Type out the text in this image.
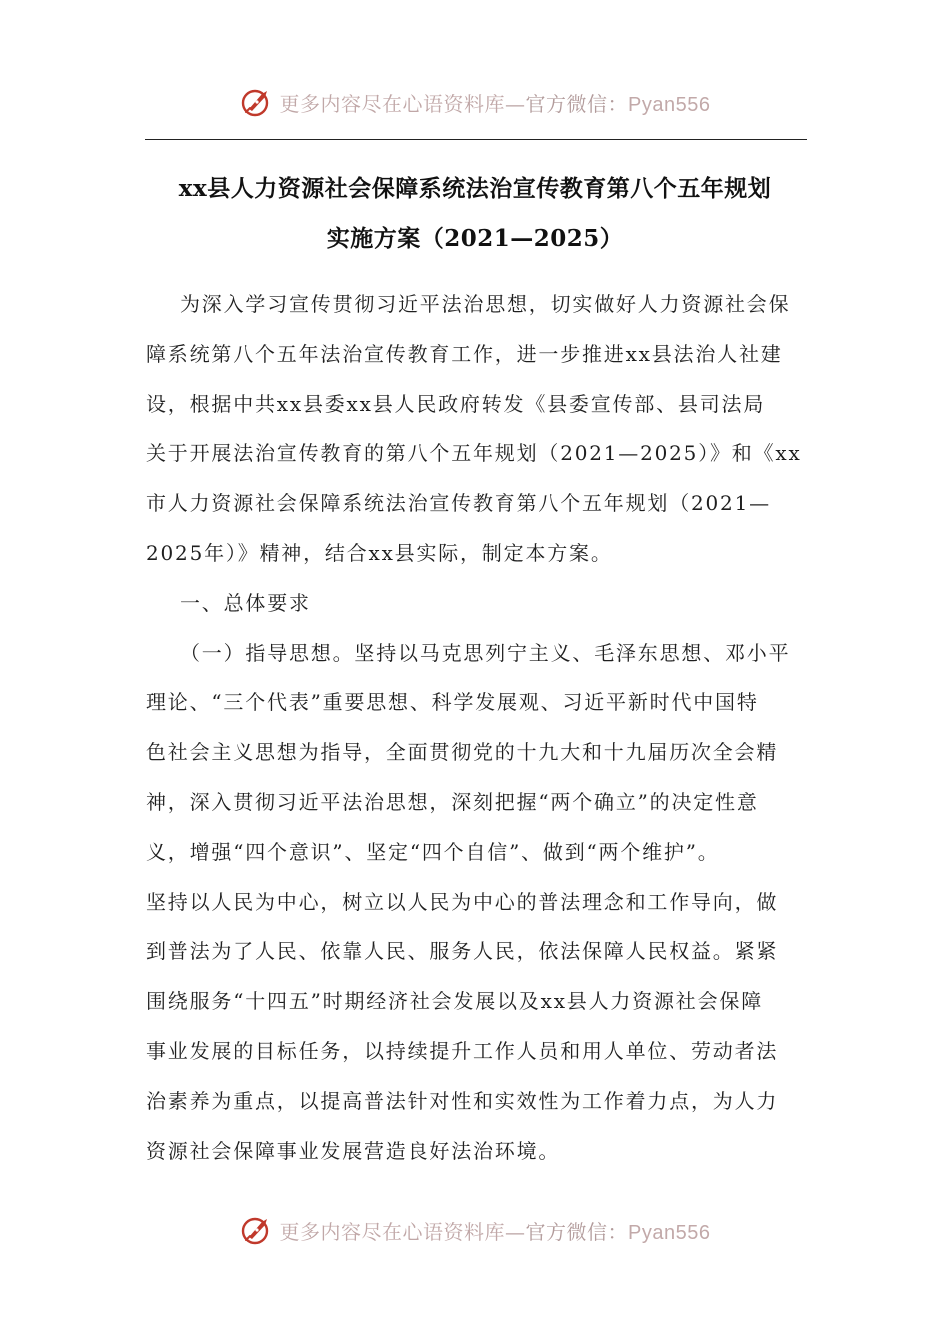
更多内容尽在心语资料库—官方微信：Pyan556
xx县人力资源社会保障系统法治宣传教育第八个五年规划
实施方案（2021—2025）
为深入学习宣传贯彻习近平法治思想，切实做好人力资源社会保
障系统第八个五年法治宣传教育工作，进一步推进xx县法治人社建
设，根据中共xx县委xx县人民政府转发《县委宣传部、县司法局
关于开展法治宣传教育的第八个五年规划（2021—2025）》和《xx
市人力资源社会保障系统法治宣传教育第八个五年规划（2021—
2025年）》精神，结合xx县实际，制定本方案。
一、总体要求
（一）指导思想。坚持以马克思列宁主义、毛泽东思想、邓小平
理论、“三个代表”重要思想、科学发展观、习近平新时代中国特
色社会主义思想为指导，全面贯彻党的十九大和十九届历次全会精
神，深入贯彻习近平法治思想，深刻把握“两个确立”的决定性意
义，增强“四个意识”、坚定“四个自信”、做到“两个维护”。
坚持以人民为中心，树立以人民为中心的普法理念和工作导向，做
到普法为了人民、依靠人民、服务人民，依法保障人民权益。紧紧
围绕服务“十四五”时期经济社会发展以及xx县人力资源社会保障
事业发展的目标任务，以持续提升工作人员和用人单位、劳动者法
治素养为重点，以提高普法针对性和实效性为工作着力点，为人力
资源社会保障事业发展营造良好法治环境。
更多内容尽在心语资料库—官方微信：Pyan556
